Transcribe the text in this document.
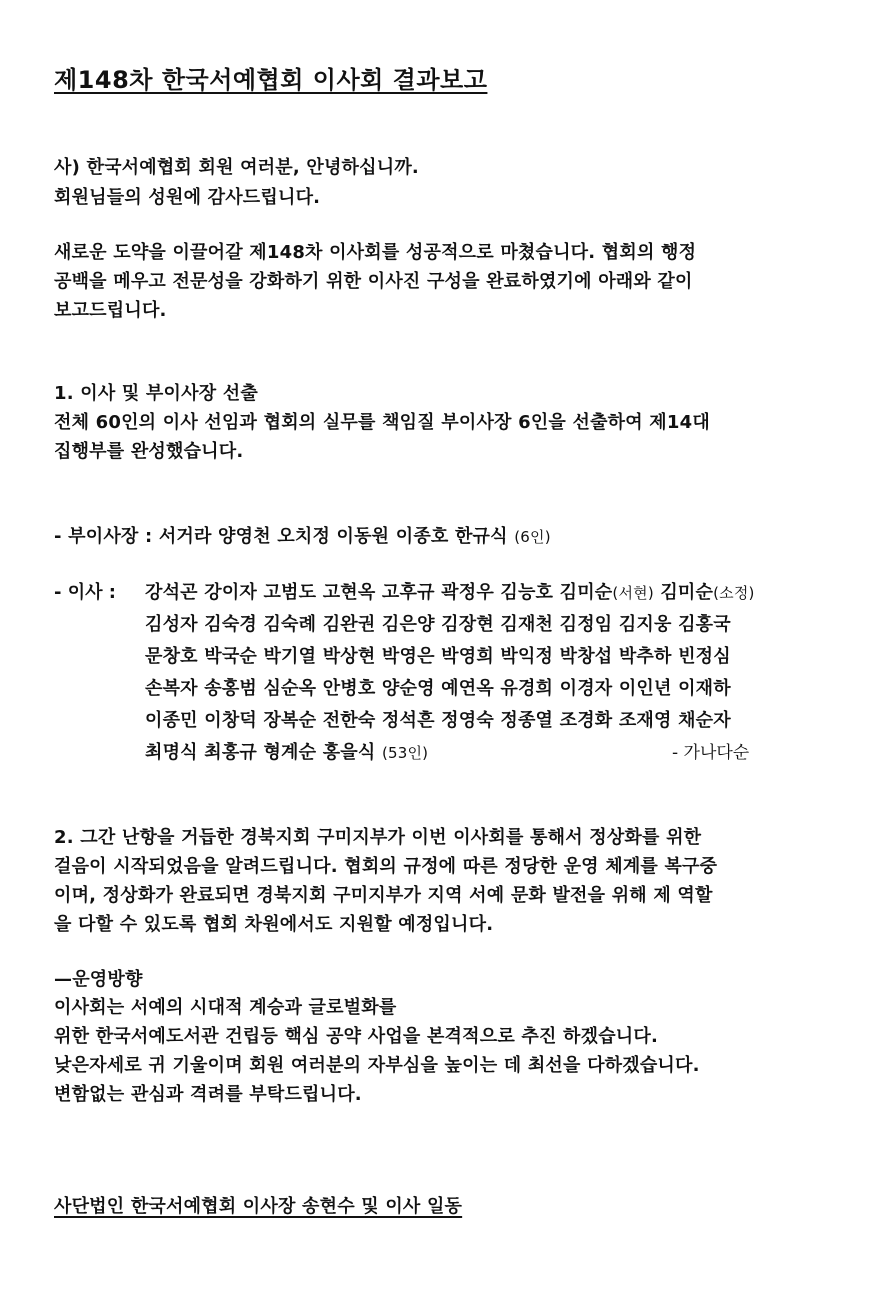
제148차 한국서예협회 이사회 결과보고
사) 한국서예협회 회원 여러분, 안녕하십니까.
회원님들의 성원에 감사드립니다.
새로운 도약을 이끌어갈 제148차 이사회를 성공적으로 마쳤습니다. 협회의 행정
공백을 메우고 전문성을 강화하기 위한 이사진 구성을 완료하였기에 아래와 같이
보고드립니다.
1. 이사 및 부이사장 선출
전체 60인의 이사 선임과 협회의 실무를 책임질 부이사장 6인을 선출하여 제14대
집행부를 완성했습니다.
- 부이사장 : 서거라 양영천 오치정 이동원 이종호 한규식 (6인)
- 이사 : 강석곤 강이자 고범도 고현옥 고후규 곽정우 김능호 김미순(서현) 김미순(소정)
김성자 김숙경 김숙례 김완권 김은양 김장현 김재천 김정임 김지웅 김홍국
문창호 박국순 박기열 박상현 박영은 박영희 박익정 박창섭 박추하 빈정심
손복자 송홍범 심순옥 안병호 양순영 예연옥 유경희 이경자 이인년 이재하
이종민 이창덕 장복순 전한숙 정석흔 정영숙 정종열 조경화 조재영 채순자
최명식 최홍규 형계순 홍을식 (53인)	- 가나다순
2. 그간 난항을 거듭한 경북지회 구미지부가 이번 이사회를 통해서 정상화를 위한
걸음이 시작되었음을 알려드립니다. 협회의 규정에 따른 정당한 운영 체계를 복구중
이며, 정상화가 완료되면 경북지회 구미지부가 지역 서예 문화 발전을 위해 제 역할
을 다할 수 있도록 협회 차원에서도 지원할 예정입니다.
—운영방향
이사회는 서예의 시대적 계승과 글로벌화를
위한 한국서예도서관 건립등 핵심 공약 사업을 본격적으로 추진 하겠습니다.
낮은자세로 귀 기울이며 회원 여러분의 자부심을 높이는 데 최선을 다하겠습니다.
변함없는 관심과 격려를 부탁드립니다.
사단법인 한국서예협회 이사장 송현수 및 이사 일동
